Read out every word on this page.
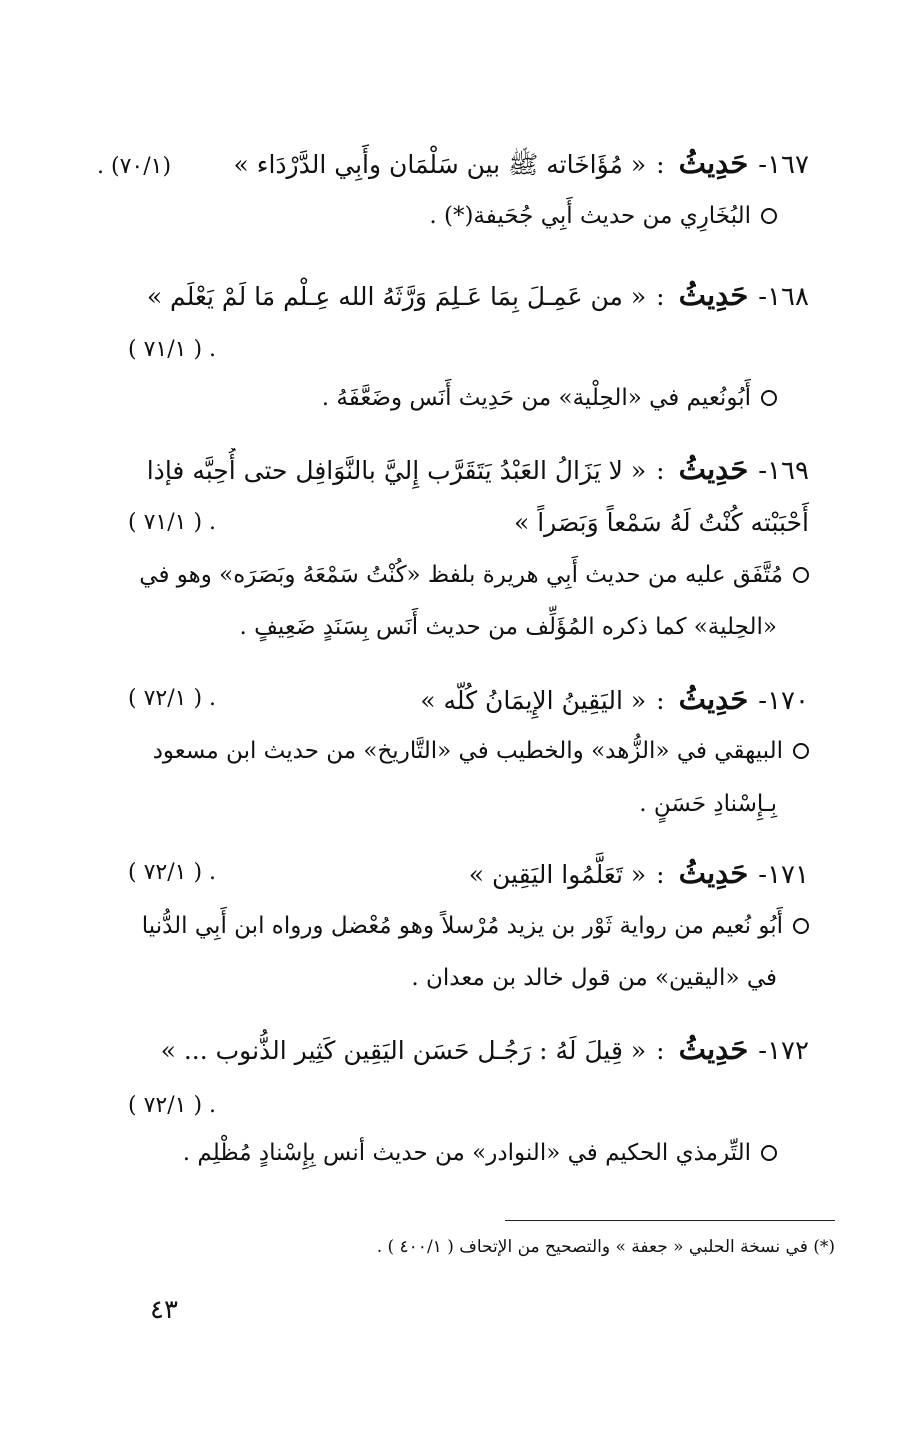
١٦٧-
حَدِيثُ
:
« مُؤَاخَاته ﷺ بين سَلْمَان وأَبِي الدَّرْدَاء »
(٧٠/١) .
البُخَارِي من حديث أَبِي جُحَيفة(*) .
١٦٨-
حَدِيثُ
:
« من عَمِـلَ بِمَا عَـلِمَ وَرَّثَهُ الله عِـلْم مَا لَمْ يَعْلَم »
. ( ٧١/١ )
أَبُونُعيم في «الحِلْية» من حَدِيث أَنَس وضَعَّفَهُ .
١٦٩-
حَدِيثُ
:
« لا يَزَالُ العَبْدُ يَتَقَرَّب إِليَّ بالنَّوَافِل حتى أُحِبَّه فإذا
أَحْبَبْته كُنْتُ لَهُ سَمْعاً وَبَصَراً »
. ( ٧١/١ )
مُتَّفَق عليه من حديث أَبِي هريرة بلفظ «كُنْتُ سَمْعَهُ وبَصَرَه» وهو في
«الحِلية» كما ذكره المُؤَلِّف من حديث أَنَس بِسَنَدٍ ضَعِيفٍ .
١٧٠-
حَدِيثُ
:
« اليَقِينُ الإِيمَانُ كُلّه »
. ( ٧٢/١ )
البيهقي في «الزُّهد» والخطيب في «التَّاريخ» من حديث ابن مسعود
بِـإِسْنادِ حَسَنٍ .
١٧١-
حَدِيثُ
:
« تَعَلَّمُوا اليَقِين »
. ( ٧٢/١ )
أَبُو نُعيم من رواية ثَوْر بن يزيد مُرْسلاً وهو مُعْضل ورواه ابن أَبِي الدُّنيا
في «اليقين» من قول خالد بن معدان .
١٧٢-
حَدِيثُ
:
« قِيلَ لَهُ : رَجُـل حَسَن اليَقِين كَثِير الذُّنوب ... »
. ( ٧٢/١ )
التِّرمذي الحكيم في «النوادر» من حديث أنس بِإِسْنادٍ مُظْلِم .
(*) في نسخة الحلبي « جعفة » والتصحيح من الإتحاف ( ٤٠٠/١ ) .
٤٣
